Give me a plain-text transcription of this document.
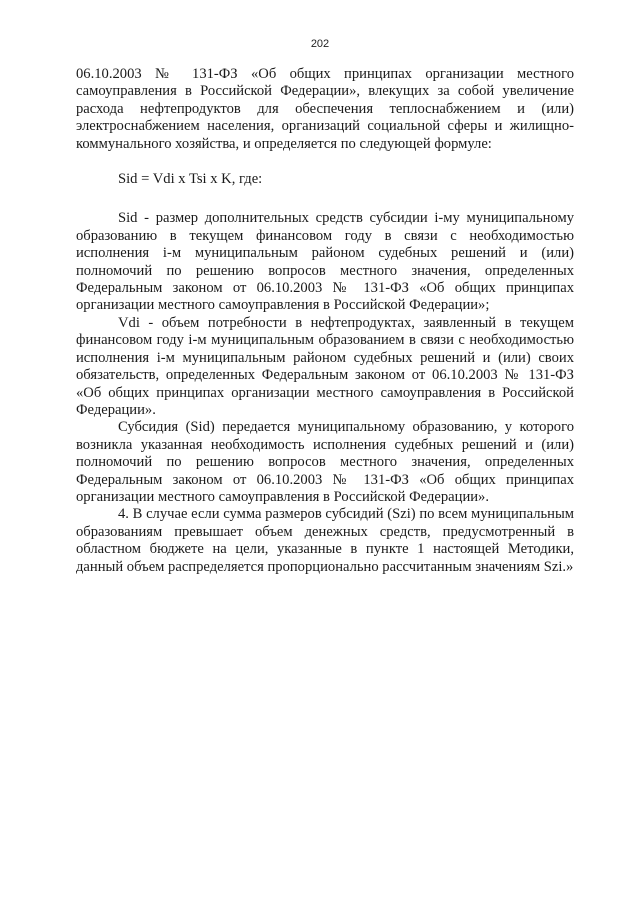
202

06.10.2003 № 131-ФЗ «Об общих принципах организации местного самоуправления в Российской Федерации», влекущих за собой увеличение расхода нефтепродуктов для обеспечения теплоснабжением и (или) электроснабжением населения, организаций социальной сферы и жилищно-коммунального хозяйства, и определяется по следующей формуле:

Sid = Vdi x Tsi x K, где:

Sid - размер дополнительных средств субсидии i-му муниципальному образованию в текущем финансовом году в связи с необходимостью исполнения i-м муниципальным районом судебных решений и (или) полномочий по решению вопросов местного значения, определенных Федеральным законом от 06.10.2003 № 131-ФЗ «Об общих принципах организации местного самоуправления в Российской Федерации»;

Vdi - объем потребности в нефтепродуктах, заявленный в текущем финансовом году i-м муниципальным образованием в связи с необходимостью исполнения i-м муниципальным районом судебных решений и (или) своих обязательств, определенных Федеральным законом от 06.10.2003 № 131-ФЗ «Об общих принципах организации местного самоуправления в Российской Федерации».

Субсидия (Sid) передается муниципальному образованию, у которого возникла указанная необходимость исполнения судебных решений и (или) полномочий по решению вопросов местного значения, определенных Федеральным законом от 06.10.2003 № 131-ФЗ «Об общих принципах организации местного самоуправления в Российской Федерации».

4. В случае если сумма размеров субсидий (Szi) по всем муниципальным образованиям превышает объем денежных средств, предусмотренный в областном бюджете на цели, указанные в пункте 1 настоящей Методики, данный объем распределяется пропорционально рассчитанным значениям Szi.»
